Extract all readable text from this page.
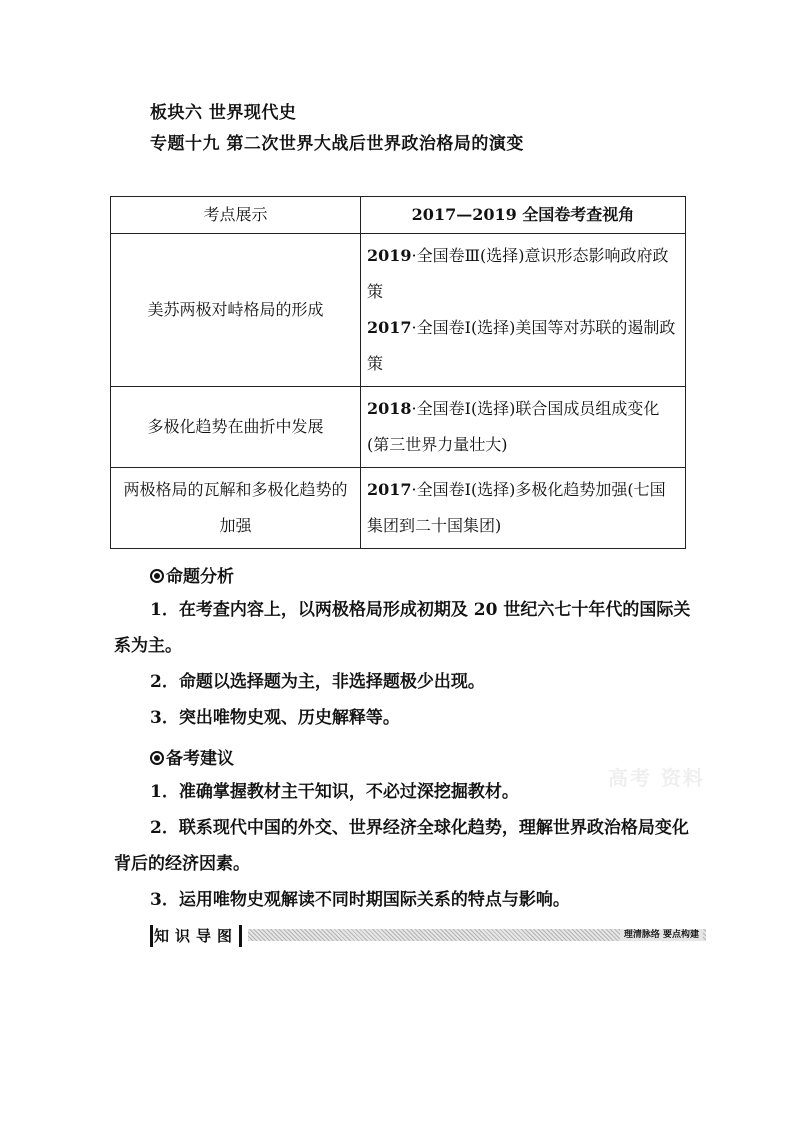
板块六 世界现代史
专题十九 第二次世界大战后世界政治格局的演变
考点展示	2017—2019 全国卷考查视角
美苏两极对峙格局的形成	2019·全国卷Ⅲ(选择)意识形态影响政府政策
2017·全国卷Ⅰ(选择)美国等对苏联的遏制政策
多极化趋势在曲折中发展	2018·全国卷Ⅰ(选择)联合国成员组成变化(第三世界力量壮大)
两极格局的瓦解和多极化趋势的加强	2017·全国卷Ⅰ(选择)多极化趋势加强(七国集团到二十国集团)
命题分析
1．在考查内容上，以两极格局形成初期及 20 世纪六七十年代的国际关系为主。
2．命题以选择题为主，非选择题极少出现。
3．突出唯物史观、历史解释等。
备考建议
1．准确掌握教材主干知识，不必过深挖掘教材。
2．联系现代中国的外交、世界经济全球化趋势，理解世界政治格局变化背后的经济因素。
3．运用唯物史观解读不同时期国际关系的特点与影响。
高考 资料
知识导图	理清脉络 要点构建
